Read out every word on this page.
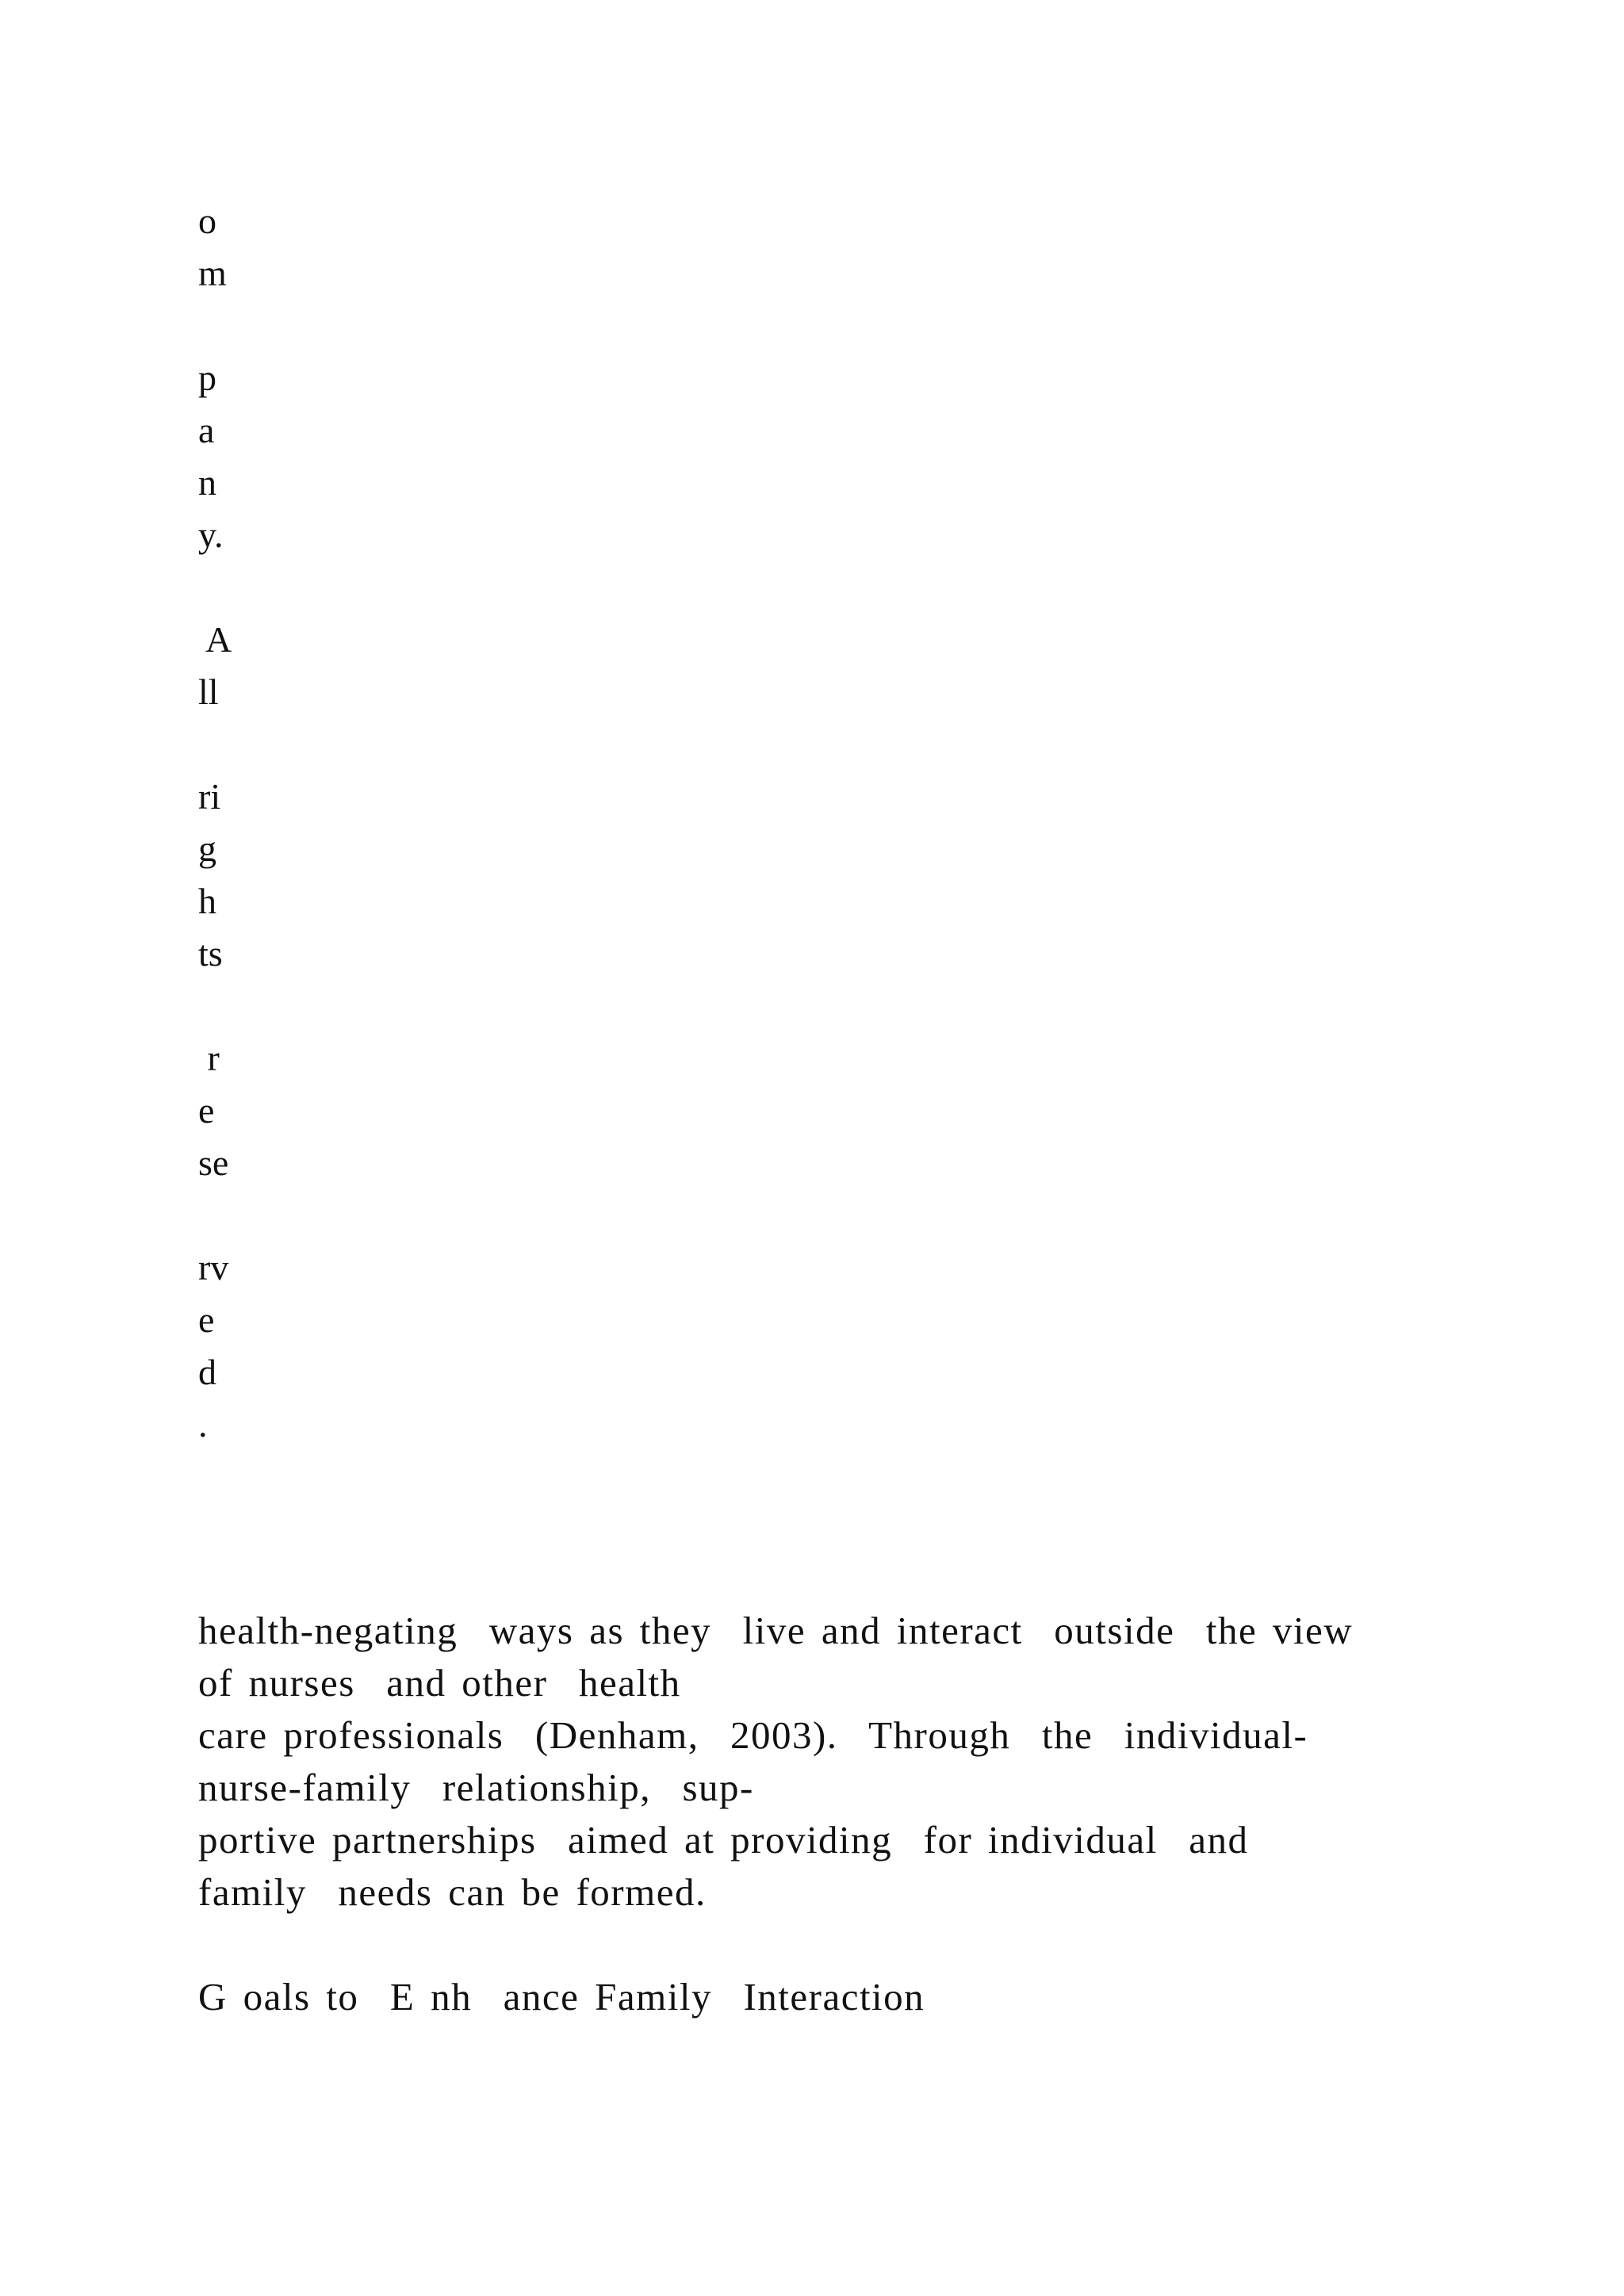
o

m

p

a

n

y.

A

ll

ri

g

h

ts

r

e

se

rv

e

d

.

health-negating  ways as they  live and interact  outside  the view
of nurses  and other  health
care professionals  (Denham,  2003).  Through  the  individual-
nurse-family  relationship,  sup-
portive partnerships  aimed at providing  for individual  and
family  needs can be formed.
G oals to  E nh  ance Family  Interaction
